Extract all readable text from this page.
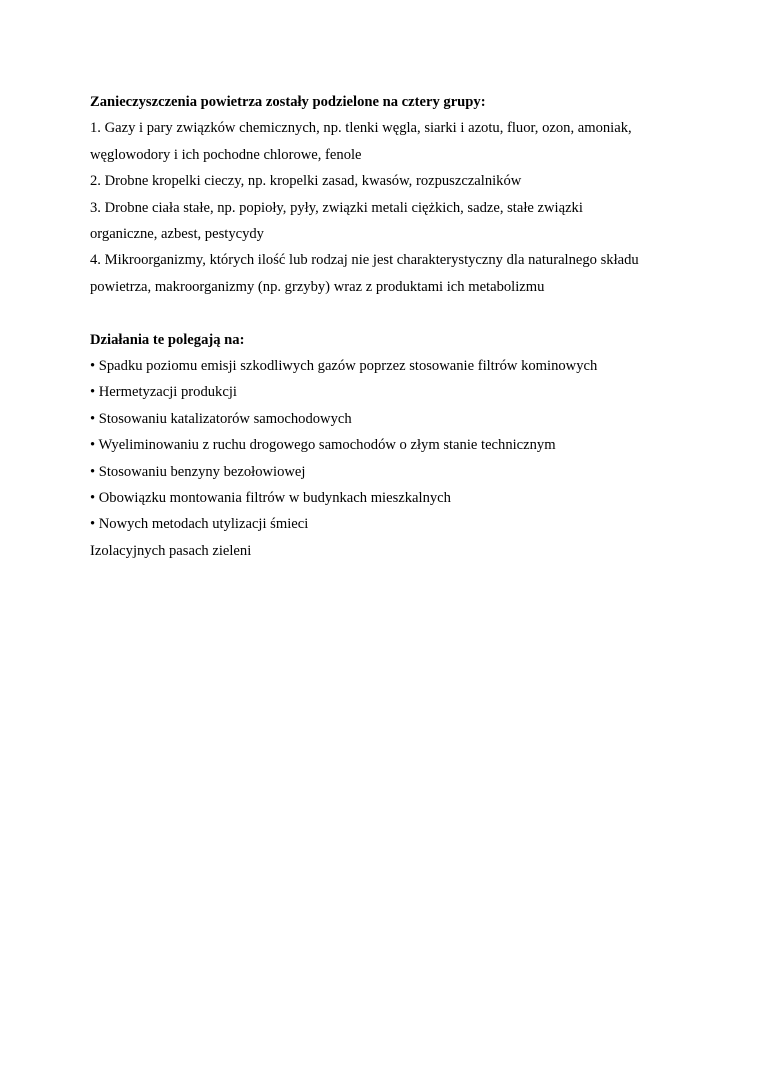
Zanieczyszczenia powietrza zostały podzielone na cztery grupy:

1. Gazy i pary związków chemicznych, np. tlenki węgla, siarki i azotu, fluor, ozon, amoniak,

węglowodory i ich pochodne chlorowe, fenole

2. Drobne kropelki cieczy, np. kropelki zasad, kwasów, rozpuszczalników

3. Drobne ciała stałe, np. popioły, pyły, związki metali ciężkich, sadze, stałe związki

organiczne, azbest, pestycydy

4. Mikroorganizmy, których ilość lub rodzaj nie jest charakterystyczny dla naturalnego składu

powietrza, makroorganizmy (np. grzyby) wraz z produktami ich metabolizmu

Działania te polegają na:

• Spadku poziomu emisji szkodliwych gazów poprzez stosowanie filtrów kominowych

• Hermetyzacji produkcji

• Stosowaniu katalizatorów samochodowych

• Wyeliminowaniu z ruchu drogowego samochodów o złym stanie technicznym

• Stosowaniu benzyny bezołowiowej

• Obowiązku montowania filtrów w budynkach mieszkalnych

• Nowych metodach utylizacji śmieci

Izolacyjnych pasach zieleni
